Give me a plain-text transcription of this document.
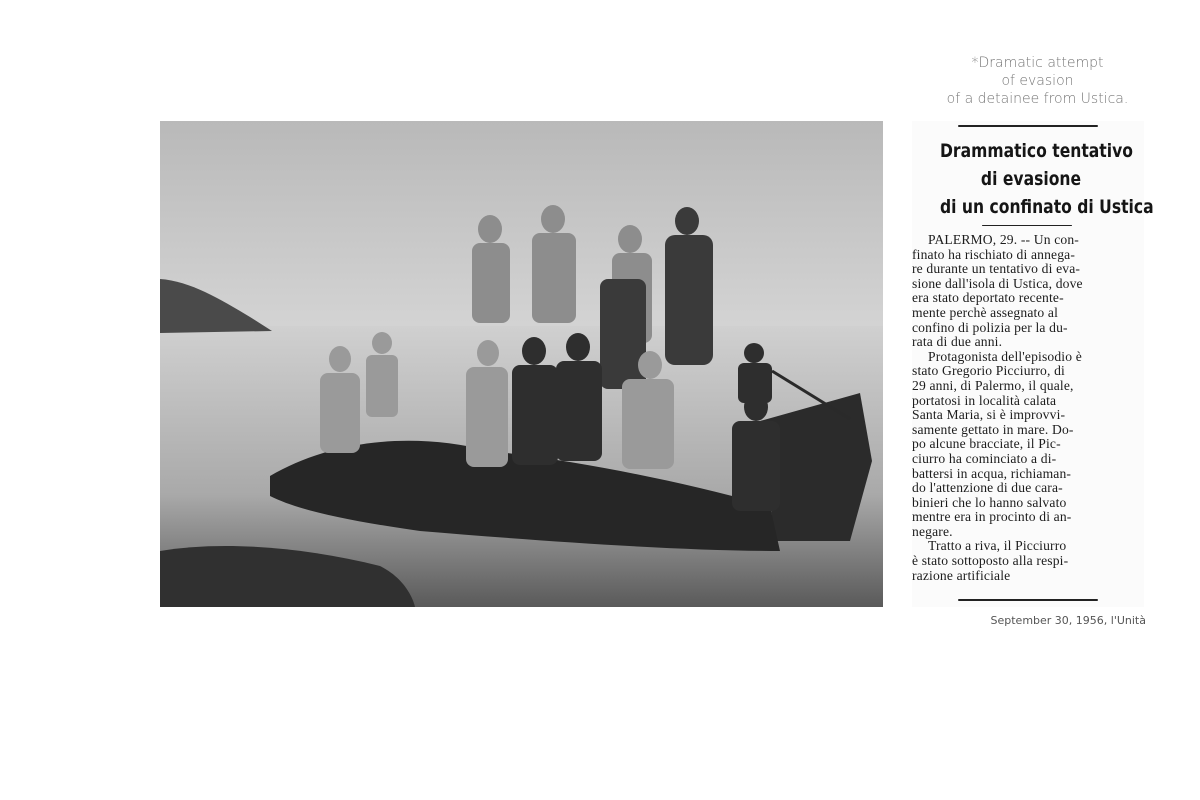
*Dramatic attempt
of evasion
of a detainee from Ustica.
Drammatico tentativo
di evasione
di un confinato di Ustica
PALERMO, 29. -- Un con-
finato ha rischiato di annega-
re durante un tentativo di eva-
sione dall'isola di Ustica, dove
era stato deportato recente-
mente perchè assegnato al
confino di polizia per la du-
rata di due anni.
Protagonista dell'episodio è
stato Gregorio Picciurro, di
29 anni, di Palermo, il quale,
portatosi in località calata
Santa Maria, si è improvvi-
samente gettato in mare. Do-
po alcune bracciate, il Pic-
ciurro ha cominciato a di-
battersi in acqua, richiaman-
do l'attenzione di due cara-
binieri che lo hanno salvato
mentre era in procinto di an-
negare.
Tratto a riva, il Picciurro
è stato sottoposto alla respi-
razione artificiale
September 30, 1956, l'Unità
